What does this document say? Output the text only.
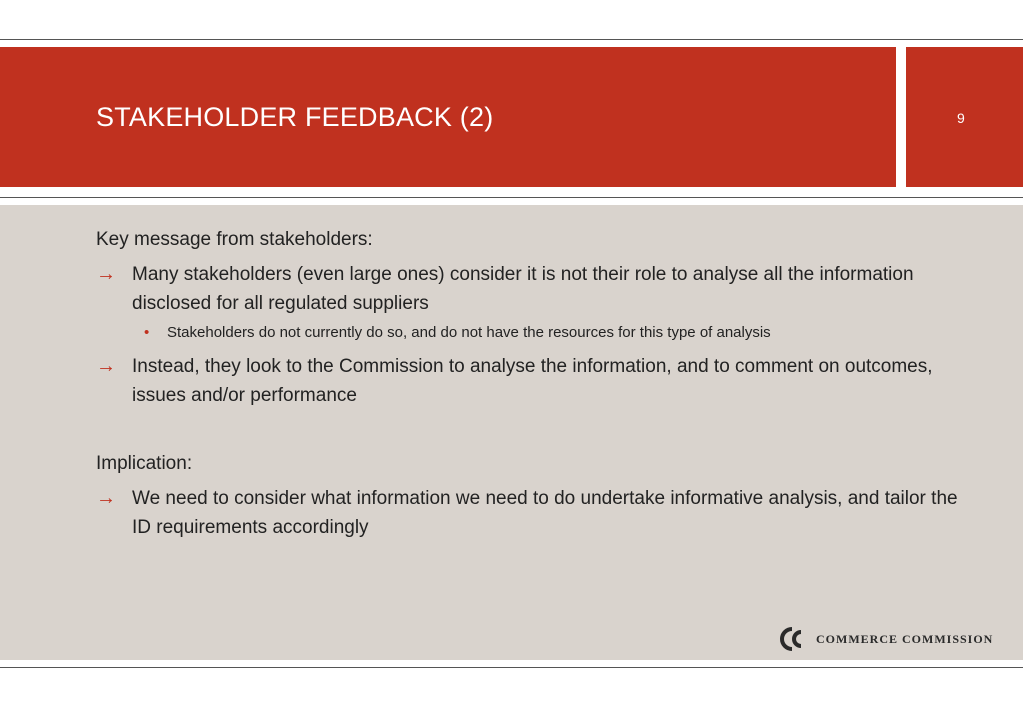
STAKEHOLDER FEEDBACK (2)	9
Key message from stakeholders:
→ Many stakeholders (even large ones) consider it is not their role to analyse all the information disclosed for all regulated suppliers
• Stakeholders do not currently do so, and do not have the resources for this type of analysis
→ Instead, they look to the Commission to analyse the information, and to comment on outcomes, issues and/or performance
Implication:
→ We need to consider what information we need to do undertake informative analysis, and tailor the ID requirements accordingly
COMMERCE COMMISSION
